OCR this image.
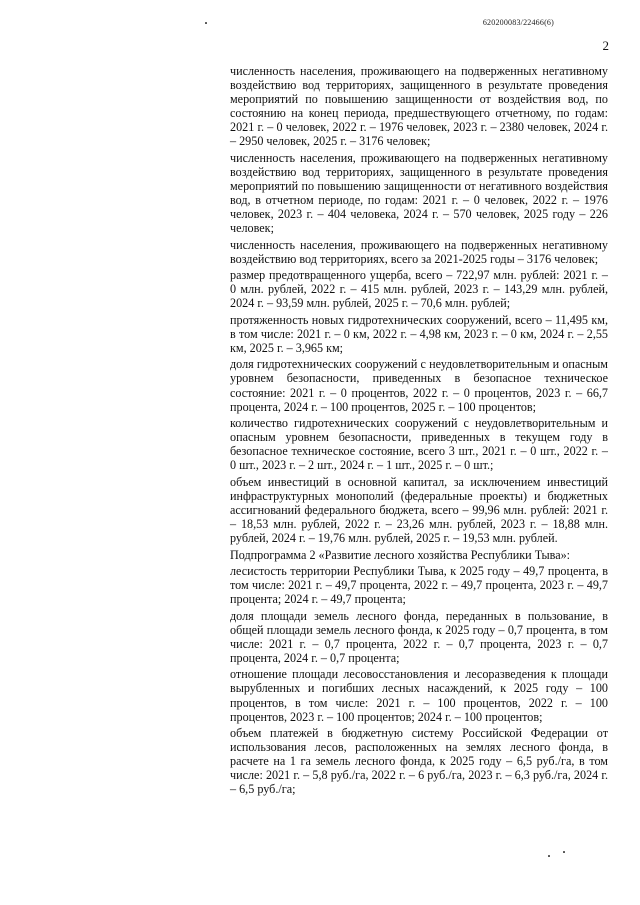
620200083/22466(6)
2

численность населения, проживающего на подверженных негативному воздействию вод территориях, защищенного в результате проведения мероприятий по повышению защищенности от воздействия вод, по состоянию на конец периода, предшествующего отчетному, по годам: 2021 г. – 0 человек, 2022 г. – 1976 человек, 2023 г. – 2380 человек, 2024 г. – 2950 человек, 2025 г. – 3176 человек;

численность населения, проживающего на подверженных негативному воздействию вод территориях, защищенного в результате проведения мероприятий по повышению защищенности от негативного воздействия вод, в отчетном периоде, по годам: 2021 г. – 0 человек, 2022 г. – 1976 человек, 2023 г. – 404 человека, 2024 г. – 570 человек, 2025 году – 226 человек;

численность населения, проживающего на подверженных негативному воздействию вод территориях, всего за 2021-2025 годы – 3176 человек;

размер предотвращенного ущерба, всего – 722,97 млн. рублей: 2021 г. – 0 млн. рублей, 2022 г. – 415 млн. рублей, 2023 г. – 143,29 млн. рублей, 2024 г. – 93,59 млн. рублей, 2025 г. – 70,6 млн. рублей;

протяженность новых гидротехнических сооружений, всего – 11,495 км, в том числе: 2021 г. – 0 км, 2022 г. – 4,98 км, 2023 г. – 0 км, 2024 г. – 2,55 км, 2025 г. – 3,965 км;

доля гидротехнических сооружений с неудовлетворительным и опасным уровнем безопасности, приведенных в безопасное техническое состояние: 2021 г. – 0 процентов, 2022 г. – 0 процентов, 2023 г. – 66,7 процента, 2024 г. – 100 процентов, 2025 г. – 100 процентов;

количество гидротехнических сооружений с неудовлетворительным и опасным уровнем безопасности, приведенных в текущем году в безопасное техническое состояние, всего 3 шт., 2021 г. – 0 шт., 2022 г. – 0 шт., 2023 г. – 2 шт., 2024 г. – 1 шт., 2025 г. – 0 шт.;

объем инвестиций в основной капитал, за исключением инвестиций инфраструктурных монополий (федеральные проекты) и бюджетных ассигнований федерального бюджета, всего – 99,96 млн. рублей: 2021 г. – 18,53 млн. рублей, 2022 г. – 23,26 млн. рублей, 2023 г. – 18,88 млн. рублей, 2024 г. – 19,76 млн. рублей, 2025 г. – 19,53 млн. рублей.

Подпрограмма 2 «Развитие лесного хозяйства Республики Тыва»:

лесистость территории Республики Тыва, к 2025 году – 49,7 процента, в том числе: 2021 г. – 49,7 процента, 2022 г. – 49,7 процента, 2023 г. – 49,7 процента; 2024 г. – 49,7 процента;

доля площади земель лесного фонда, переданных в пользование, в общей площади земель лесного фонда, к 2025 году – 0,7 процента, в том числе: 2021 г. – 0,7 процента, 2022 г. – 0,7 процента, 2023 г. – 0,7 процента, 2024 г. – 0,7 процента;

отношение площади лесовосстановления и лесоразведения к площади вырубленных и погибших лесных насаждений, к 2025 году – 100 процентов, в том числе: 2021 г. – 100 процентов, 2022 г. – 100 процентов, 2023 г. – 100 процентов; 2024 г. – 100 процентов;

объем платежей в бюджетную систему Российской Федерации от использования лесов, расположенных на землях лесного фонда, в расчете на 1 га земель лесного фонда, к 2025 году – 6,5 руб./га, в том числе: 2021 г. – 5,8 руб./га, 2022 г. – 6 руб./га, 2023 г. – 6,3 руб./га, 2024 г. – 6,5 руб./га;
